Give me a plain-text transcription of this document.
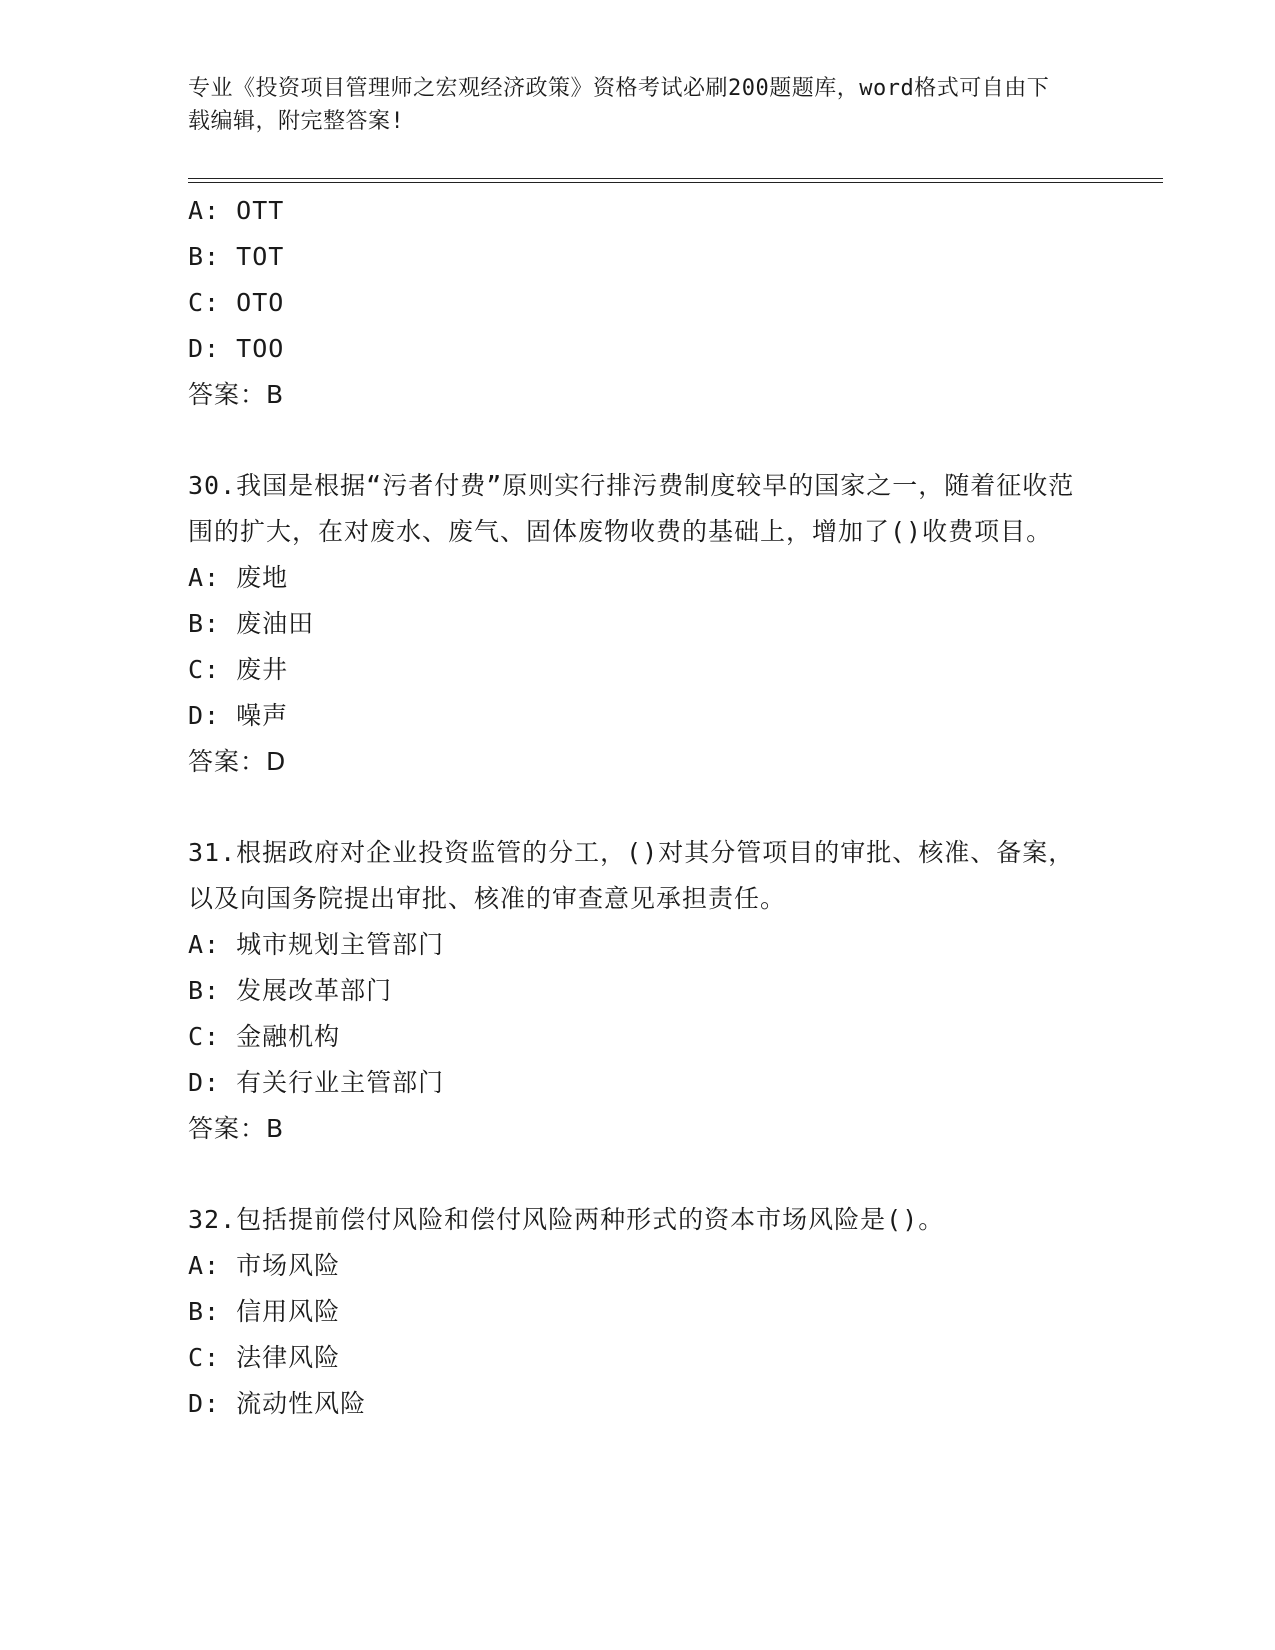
专业《投资项目管理师之宏观经济政策》资格考试必刷200题题库，word格式可自由下载编辑，附完整答案!

A: OTT

B: TOT

C: OTO

D: TOO

答案：B

30.我国是根据“污者付费”原则实行排污费制度较早的国家之一，随着征收范围的扩大，在对废水、废气、固体废物收费的基础上，增加了()收费项目。

A: 废地

B: 废油田

C: 废井

D: 噪声

答案：D

31.根据政府对企业投资监管的分工，()对其分管项目的审批、核准、备案，以及向国务院提出审批、核准的审查意见承担责任。

A: 城市规划主管部门

B: 发展改革部门

C: 金融机构

D: 有关行业主管部门

答案：B

32.包括提前偿付风险和偿付风险两种形式的资本市场风险是()。

A: 市场风险

B: 信用风险

C: 法律风险

D: 流动性风险
